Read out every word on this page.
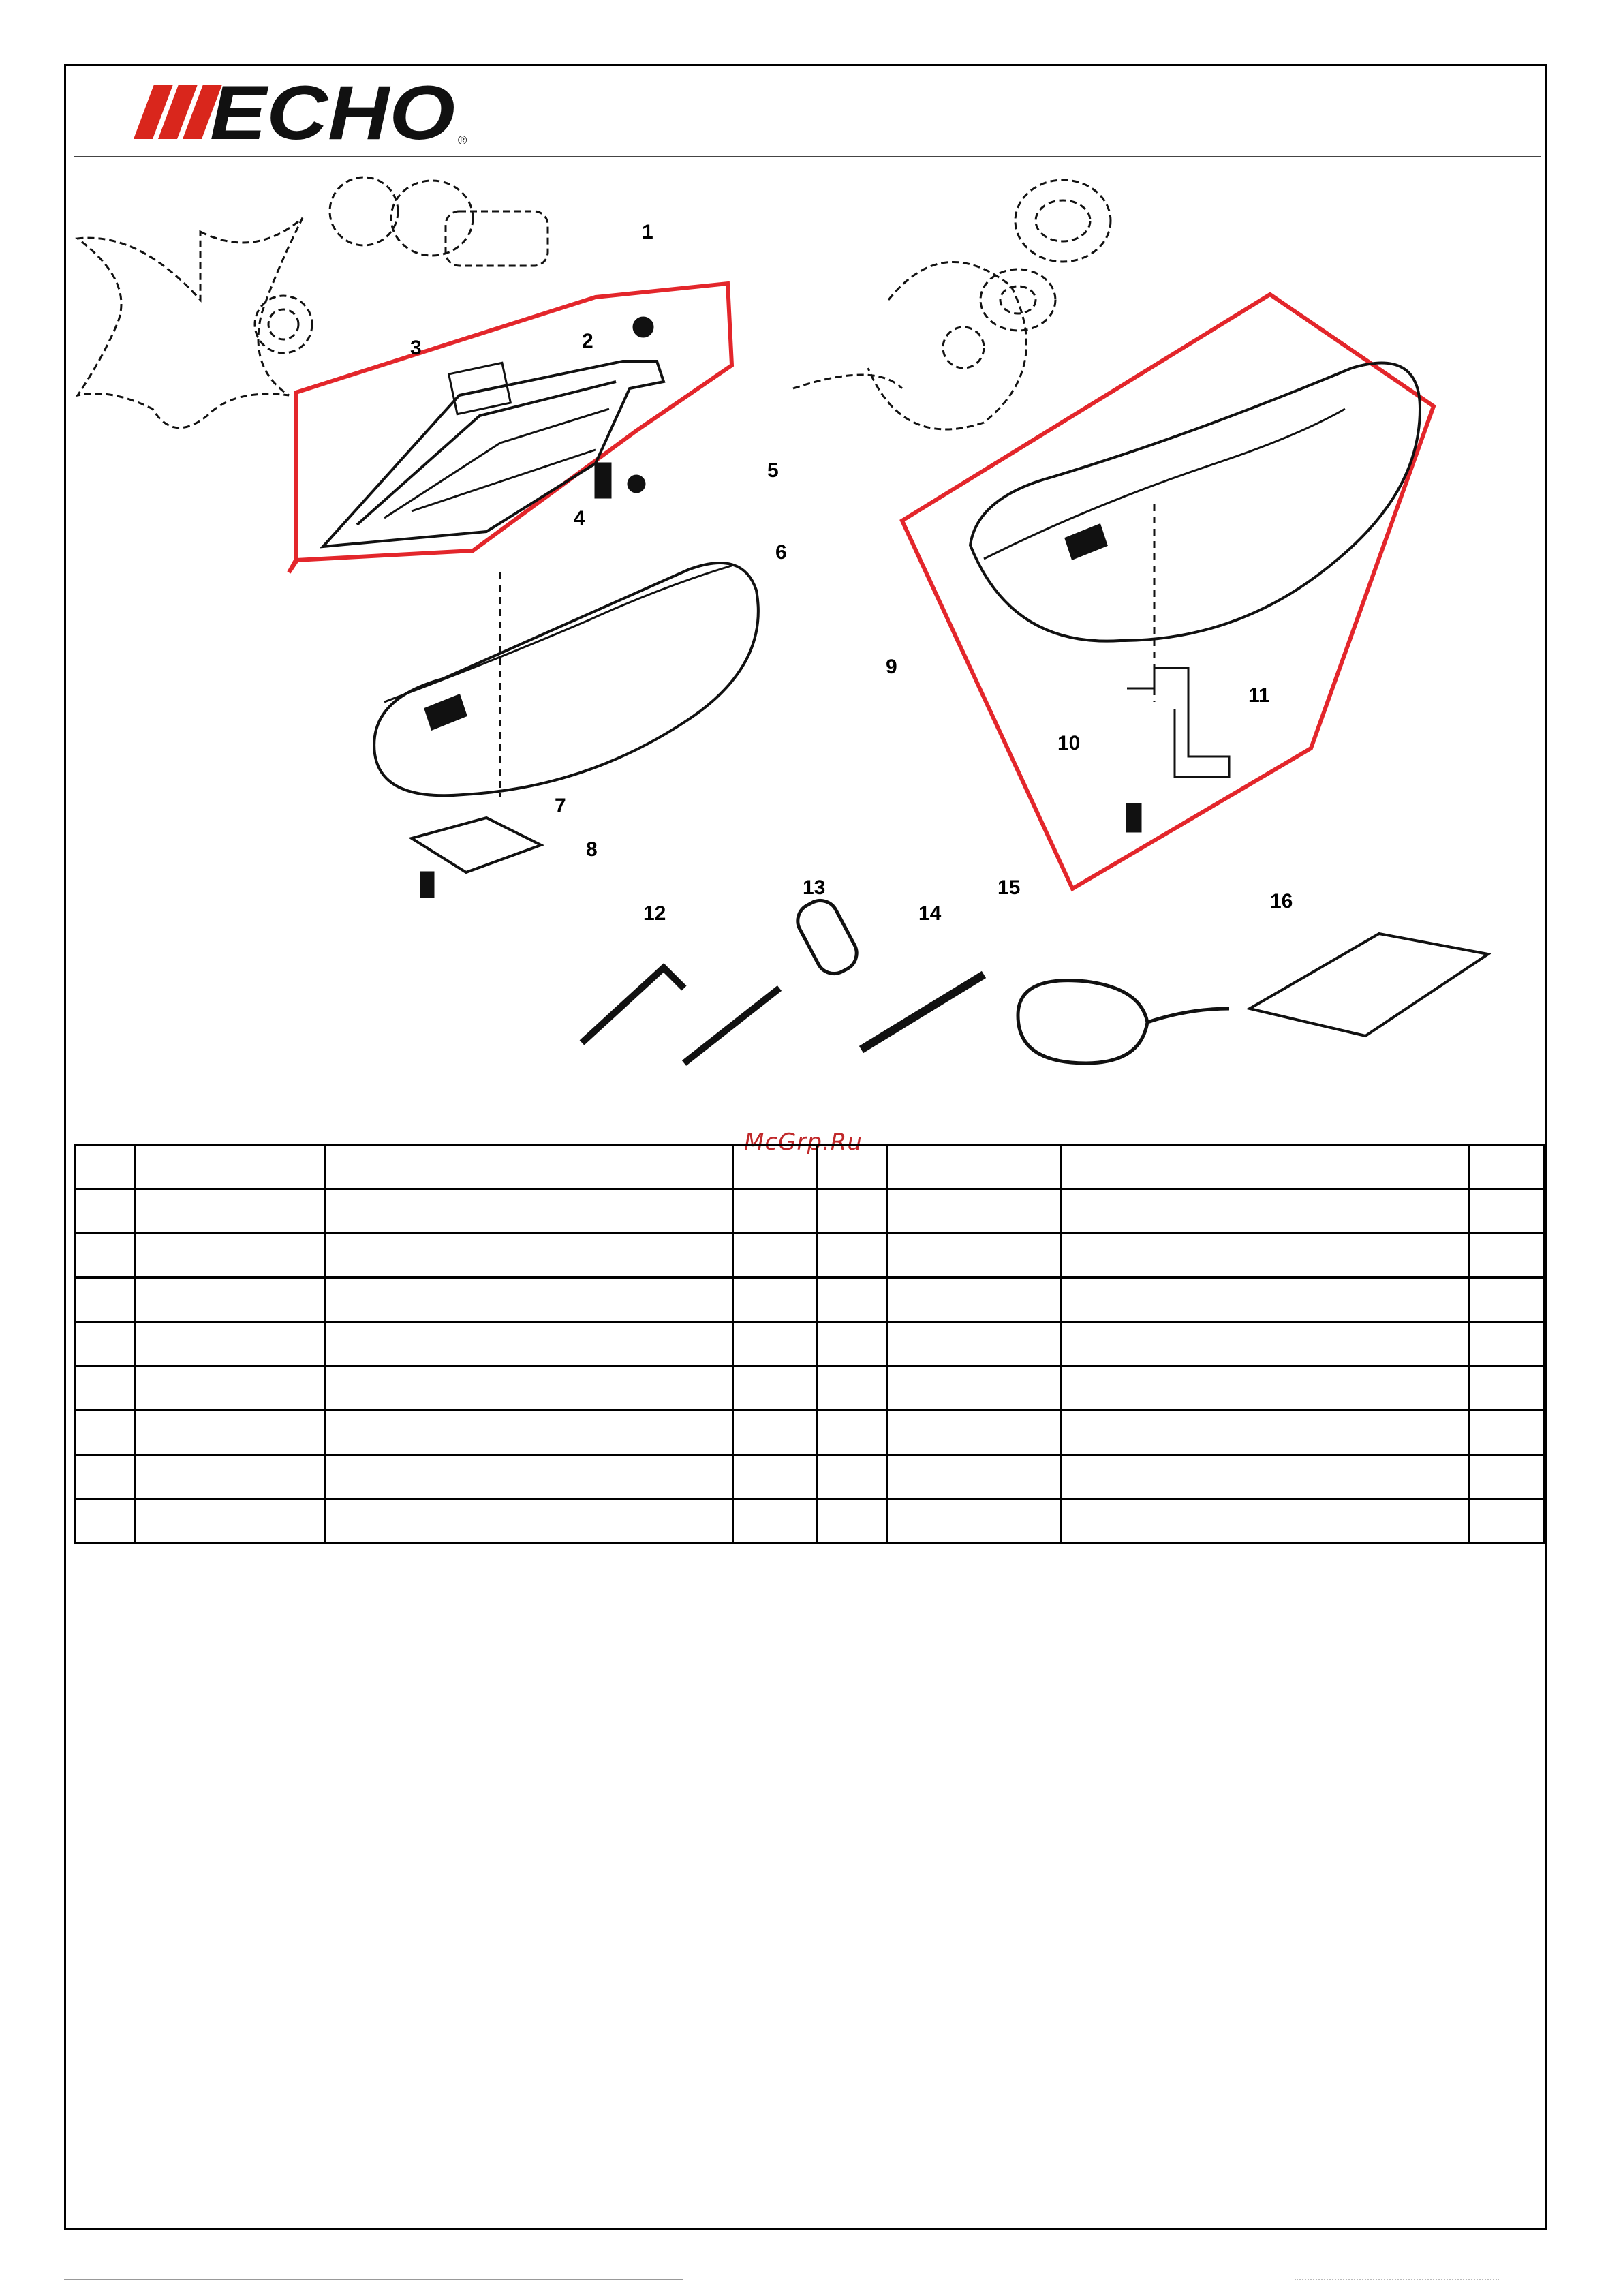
ECHO ®
1
2
3
4
5
6
7
8
9
10
11
12
13
14
15
16
McGrp.Ru
